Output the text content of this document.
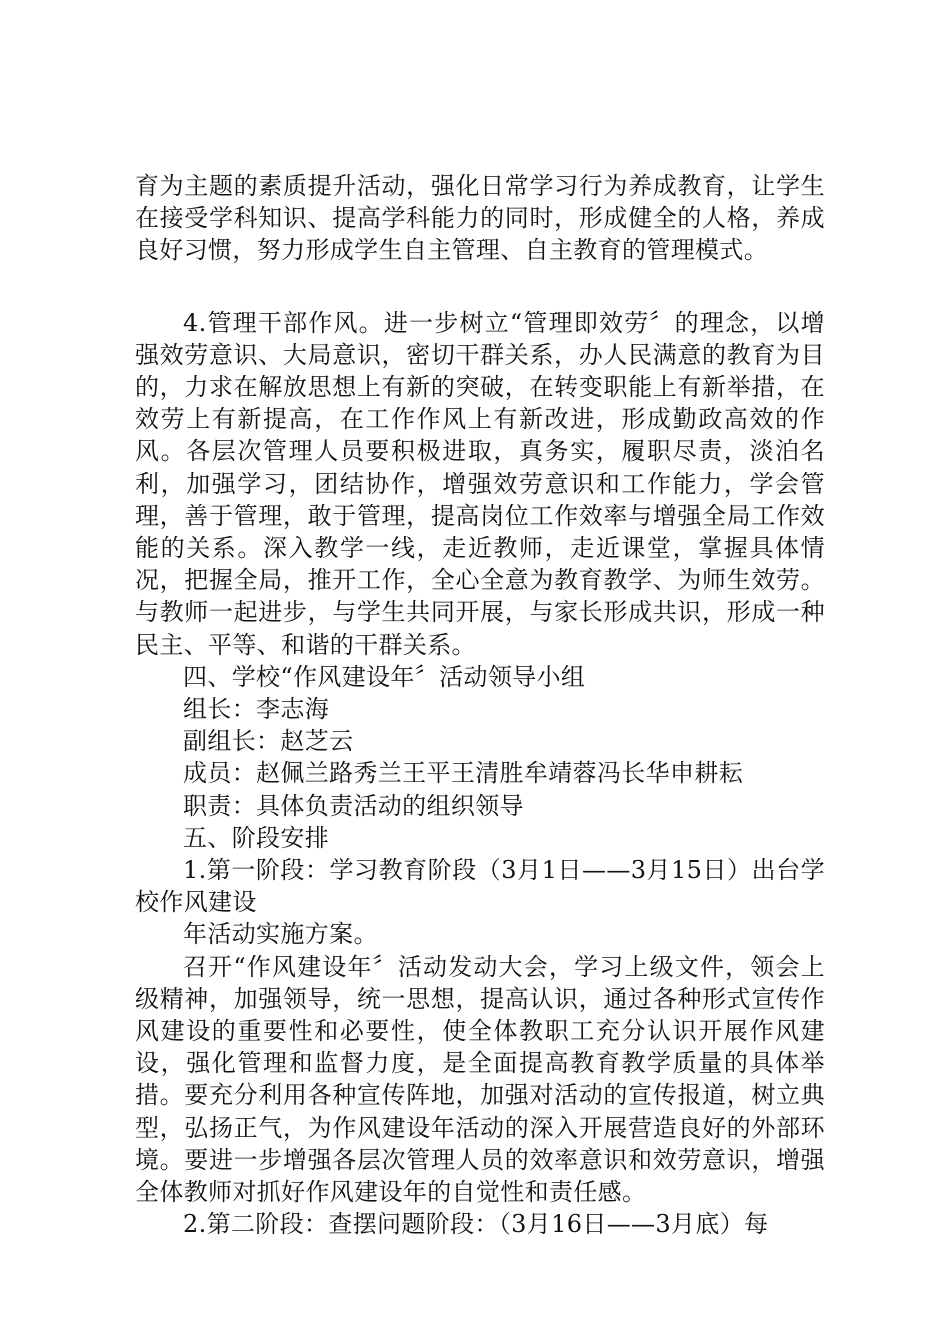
育为主题的素质提升活动，强化日常学习行为养成教育，让学生在接受学科知识、提高学科能力的同时，形成健全的人格，养成良好习惯，努力形成学生自主管理、自主教育的管理模式。

4.管理干部作风。进一步树立“管理即效劳〞的理念，以增强效劳意识、大局意识，密切干群关系，办人民满意的教育为目的，力求在解放思想上有新的突破，在转变职能上有新举措，在效劳上有新提高，在工作作风上有新改进，形成勤政高效的作风。各层次管理人员要积极进取，真务实，履职尽责，淡泊名利，加强学习，团结协作，增强效劳意识和工作能力，学会管理，善于管理，敢于管理，提高岗位工作效率与增强全局工作效能的关系。深入教学一线，走近教师，走近课堂，掌握具体情况，把握全局，推开工作，全心全意为教育教学、为师生效劳。与教师一起进步，与学生共同开展，与家长形成共识，形成一种民主、平等、和谐的干群关系。

四、学校“作风建设年〞活动领导小组

组长：李志海

副组长：赵芝云

成员：赵佩兰路秀兰王平王清胜牟靖蓉冯长华申耕耘

职责：具体负责活动的组织领导

五、阶段安排

1.第一阶段：学习教育阶段（3月1日——3月15日）出台学校作风建设

年活动实施方案。

召开“作风建设年〞活动发动大会，学习上级文件，领会上级精神，加强领导，统一思想，提高认识，通过各种形式宣传作风建设的重要性和必要性，使全体教职工充分认识开展作风建设，强化管理和监督力度，是全面提高教育教学质量的具体举措。要充分利用各种宣传阵地，加强对活动的宣传报道，树立典型，弘扬正气，为作风建设年活动的深入开展营造良好的外部环境。要进一步增强各层次管理人员的效率意识和效劳意识，增强全体教师对抓好作风建设年的自觉性和责任感。

2.第二阶段：查摆问题阶段：（3月16日——3月底）每
